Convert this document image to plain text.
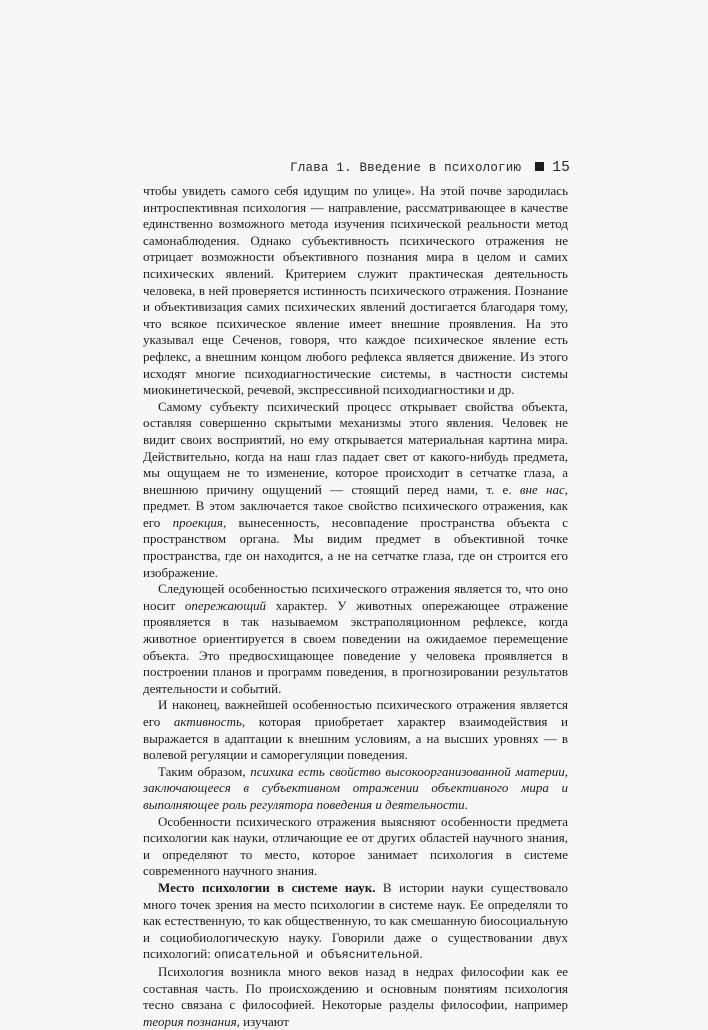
Глава 1. Введение в психологию 15

чтобы увидеть самого себя идущим по улице». На этой почве зародилась интроспективная психология — направление, рассматривающее в качестве единственно возможного метода изучения психической реальности метод самонаблюдения. Однако субъективность психического отражения не отрицает возможности объективного познания мира в целом и самих психических явлений. Критерием служит практическая деятельность человека, в ней проверяется истинность психического отражения. Познание и объективизация самих психических явлений достигается благодаря тому, что всякое психическое явление имеет внешние проявления. На это указывал еще Сеченов, говоря, что каждое психическое явление есть рефлекс, а внешним концом любого рефлекса является движение. Из этого исходят многие психодиагностические системы, в частности системы миокинетической, речевой, экспрессивной психодиагностики и др.

Самому субъекту психический процесс открывает свойства объекта, оставляя совершенно скрытыми механизмы этого явления. Человек не видит своих восприятий, но ему открывается материальная картина мира. Действительно, когда на наш глаз падает свет от какого-нибудь предмета, мы ощущаем не то изменение, которое происходит в сетчатке глаза, а внешнюю причину ощущений — стоящий перед нами, т. е. вне нас, предмет. В этом заключается такое свойство психического отражения, как его проекция, вынесенность, несовпадение пространства объекта с пространством органа. Мы видим предмет в объективной точке пространства, где он находится, а не на сетчатке глаза, где он строится его изображение.

Следующей особенностью психического отражения является то, что оно носит опережающий характер. У животных опережающее отражение проявляется в так называемом экстраполяционном рефлексе, когда животное ориентируется в своем поведении на ожидаемое перемещение объекта. Это предвосхищающее поведение у человека проявляется в построении планов и программ поведения, в прогнозировании результатов деятельности и событий.

И наконец, важнейшей особенностью психического отражения является его активность, которая приобретает характер взаимодействия и выражается в адаптации к внешним условиям, а на высших уровнях — в волевой регуляции и саморегуляции поведения.

Таким образом, психика есть свойство высокоорганизованной материи, заключающееся в субъективном отражении объективного мира и выполняющее роль регулятора поведения и деятельности.

Особенности психического отражения выясняют особенности предмета психологии как науки, отличающие ее от других областей научного знания, и определяют то место, которое занимает психология в системе современного научного знания.

Место психологии в системе наук. В истории науки существовало много точек зрения на место психологии в системе наук. Ее определяли то как естественную, то как общественную, то как смешанную биосоциальную и социобиологическую науку. Говорили даже о существовании двух психологий: описательной и объяснительной.

Психология возникла много веков назад в недрах философии как ее составная часть. По происхождению и основным понятиям психология тесно связана с философией. Некоторые разделы философии, например теория познания, изучают
